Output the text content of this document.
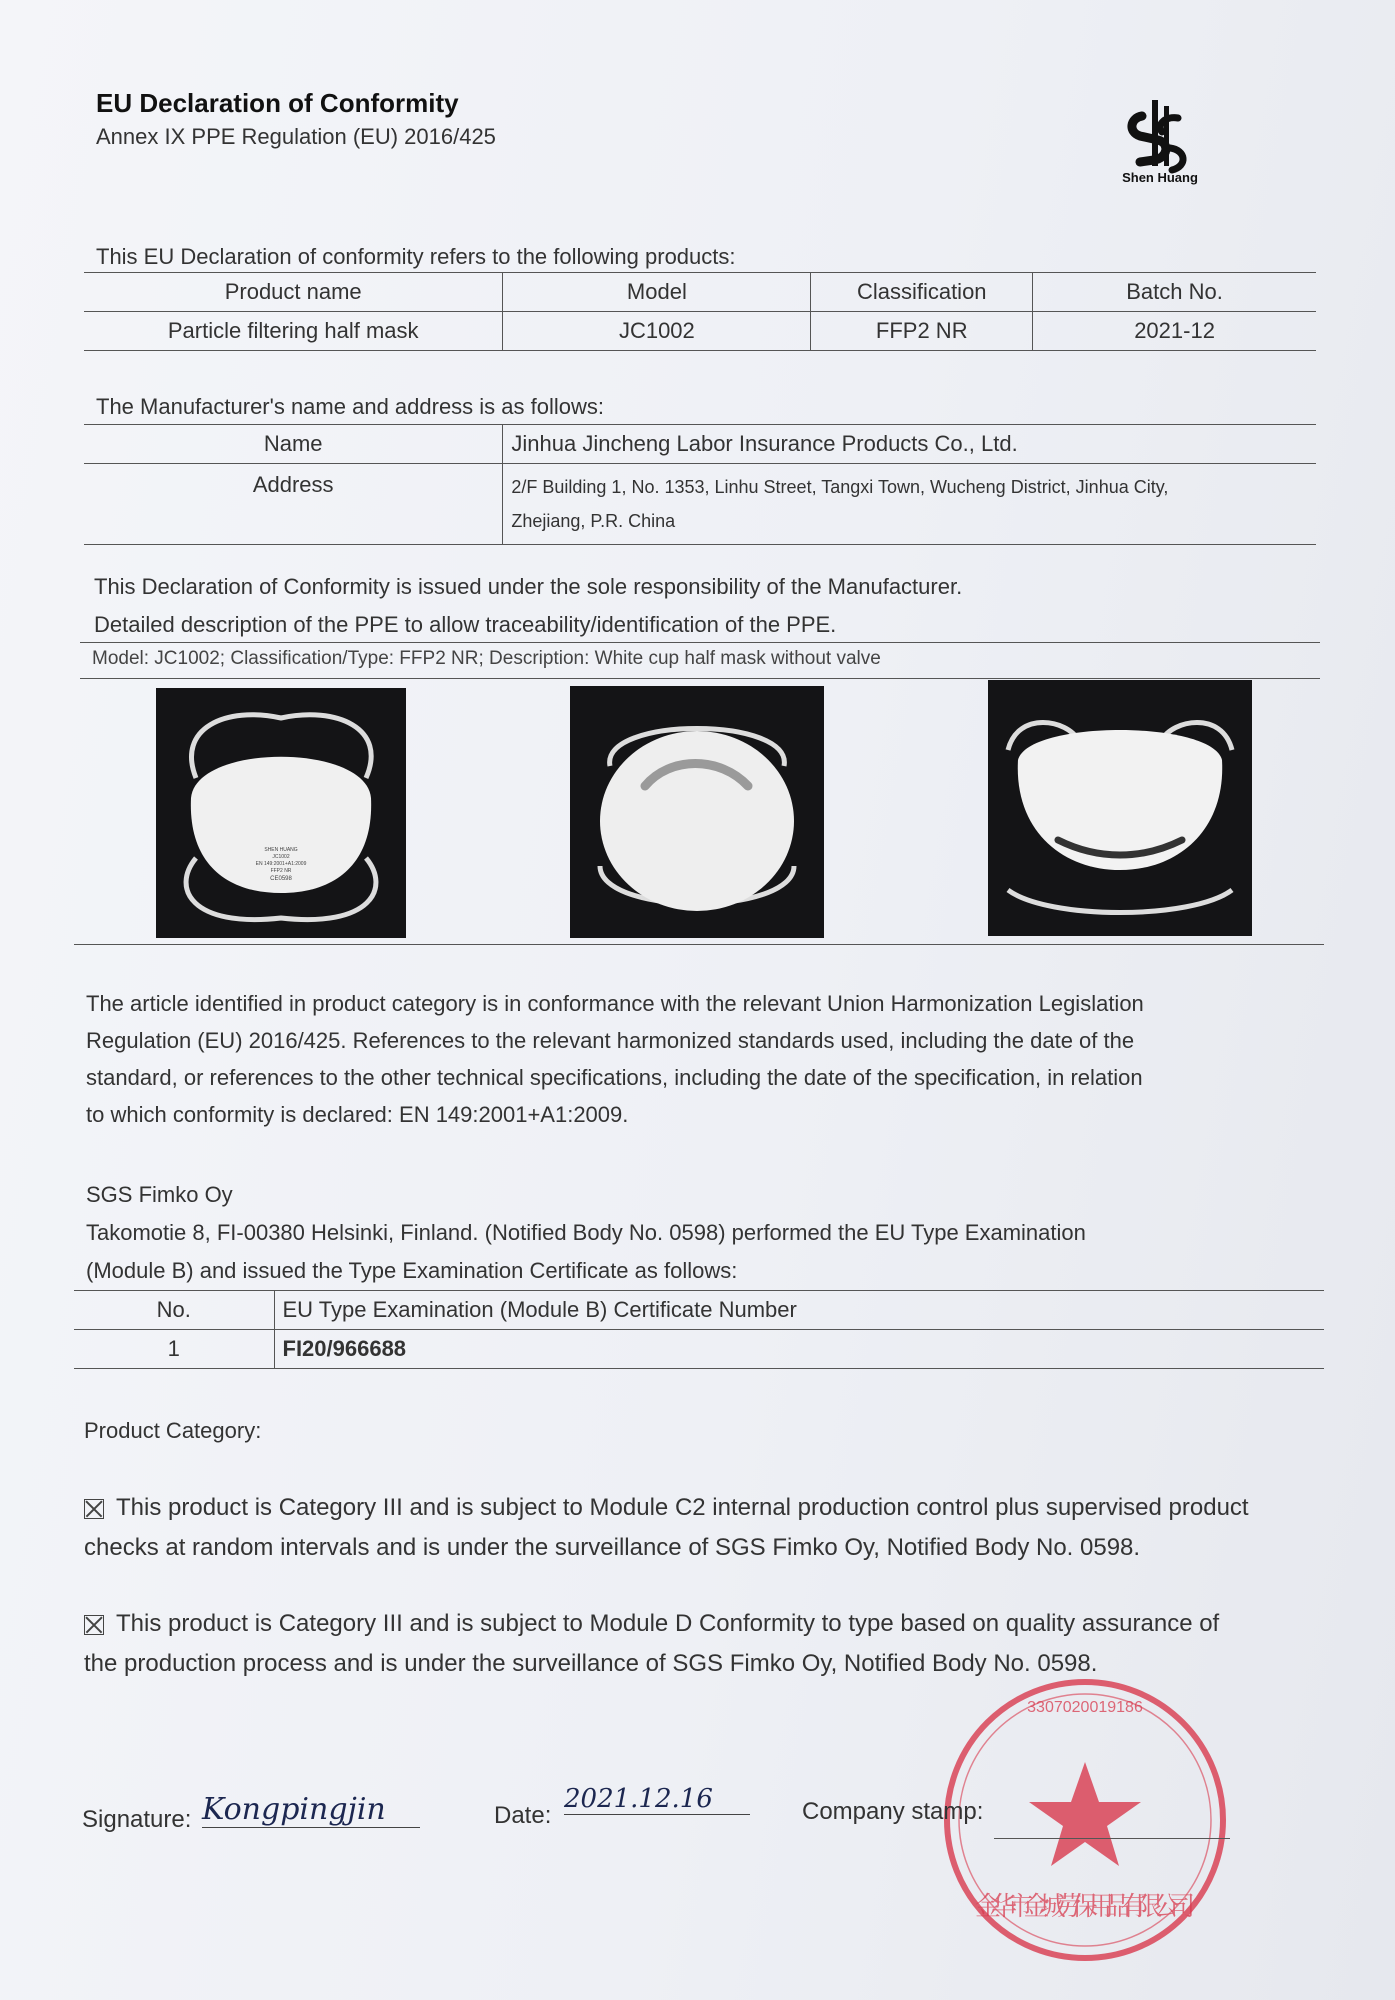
EU Declaration of Conformity
Annex IX PPE Regulation (EU) 2016/425
Shen Huang
This EU Declaration of conformity refers to the following products:
Product name	Model	Classification	Batch No.
Particle filtering half mask	JC1002	FFP2 NR	2021-12
The Manufacturer's name and address is as follows:
Name	Jinhua Jincheng Labor Insurance Products Co., Ltd.
Address	2/F Building 1, No. 1353, Linhu Street, Tangxi Town, Wucheng District, Jinhua City,
Zhejiang, P.R. China
This Declaration of Conformity is issued under the sole responsibility of the Manufacturer.
Detailed description of the PPE to allow traceability/identification of the PPE.
Model: JC1002; Classification/Type: FFP2 NR; Description: White cup half mask without valve
SHEN HUANG
JC1002
EN 149:2001+A1:2009
FFP2 NR
CE0598
The article identified in product category is in conformance with the relevant Union Harmonization Legislation
Regulation (EU) 2016/425. References to the relevant harmonized standards used, including the date of the
standard, or references to the other technical specifications, including the date of the specification, in relation
to which conformity is declared: EN 149:2001+A1:2009.
SGS Fimko Oy
Takomotie 8, FI-00380 Helsinki, Finland. (Notified Body No. 0598) performed the EU Type Examination
(Module B) and issued the Type Examination Certificate as follows:
No.	EU Type Examination (Module B) Certificate Number
1	FI20/966688
Product Category:
This product is Category III and is subject to Module C2 internal production control plus supervised product
checks at random intervals and is under the surveillance of SGS Fimko Oy, Notified Body No. 0598.
This product is Category III and is subject to Module D Conformity to type based on quality assurance of
the production process and is under the surveillance of SGS Fimko Oy, Notified Body No. 0598.
金华市金城劳保用品有限公司
3307020019186
Signature: Kongpingjin	Date:
2021.12.16	Company stamp:
